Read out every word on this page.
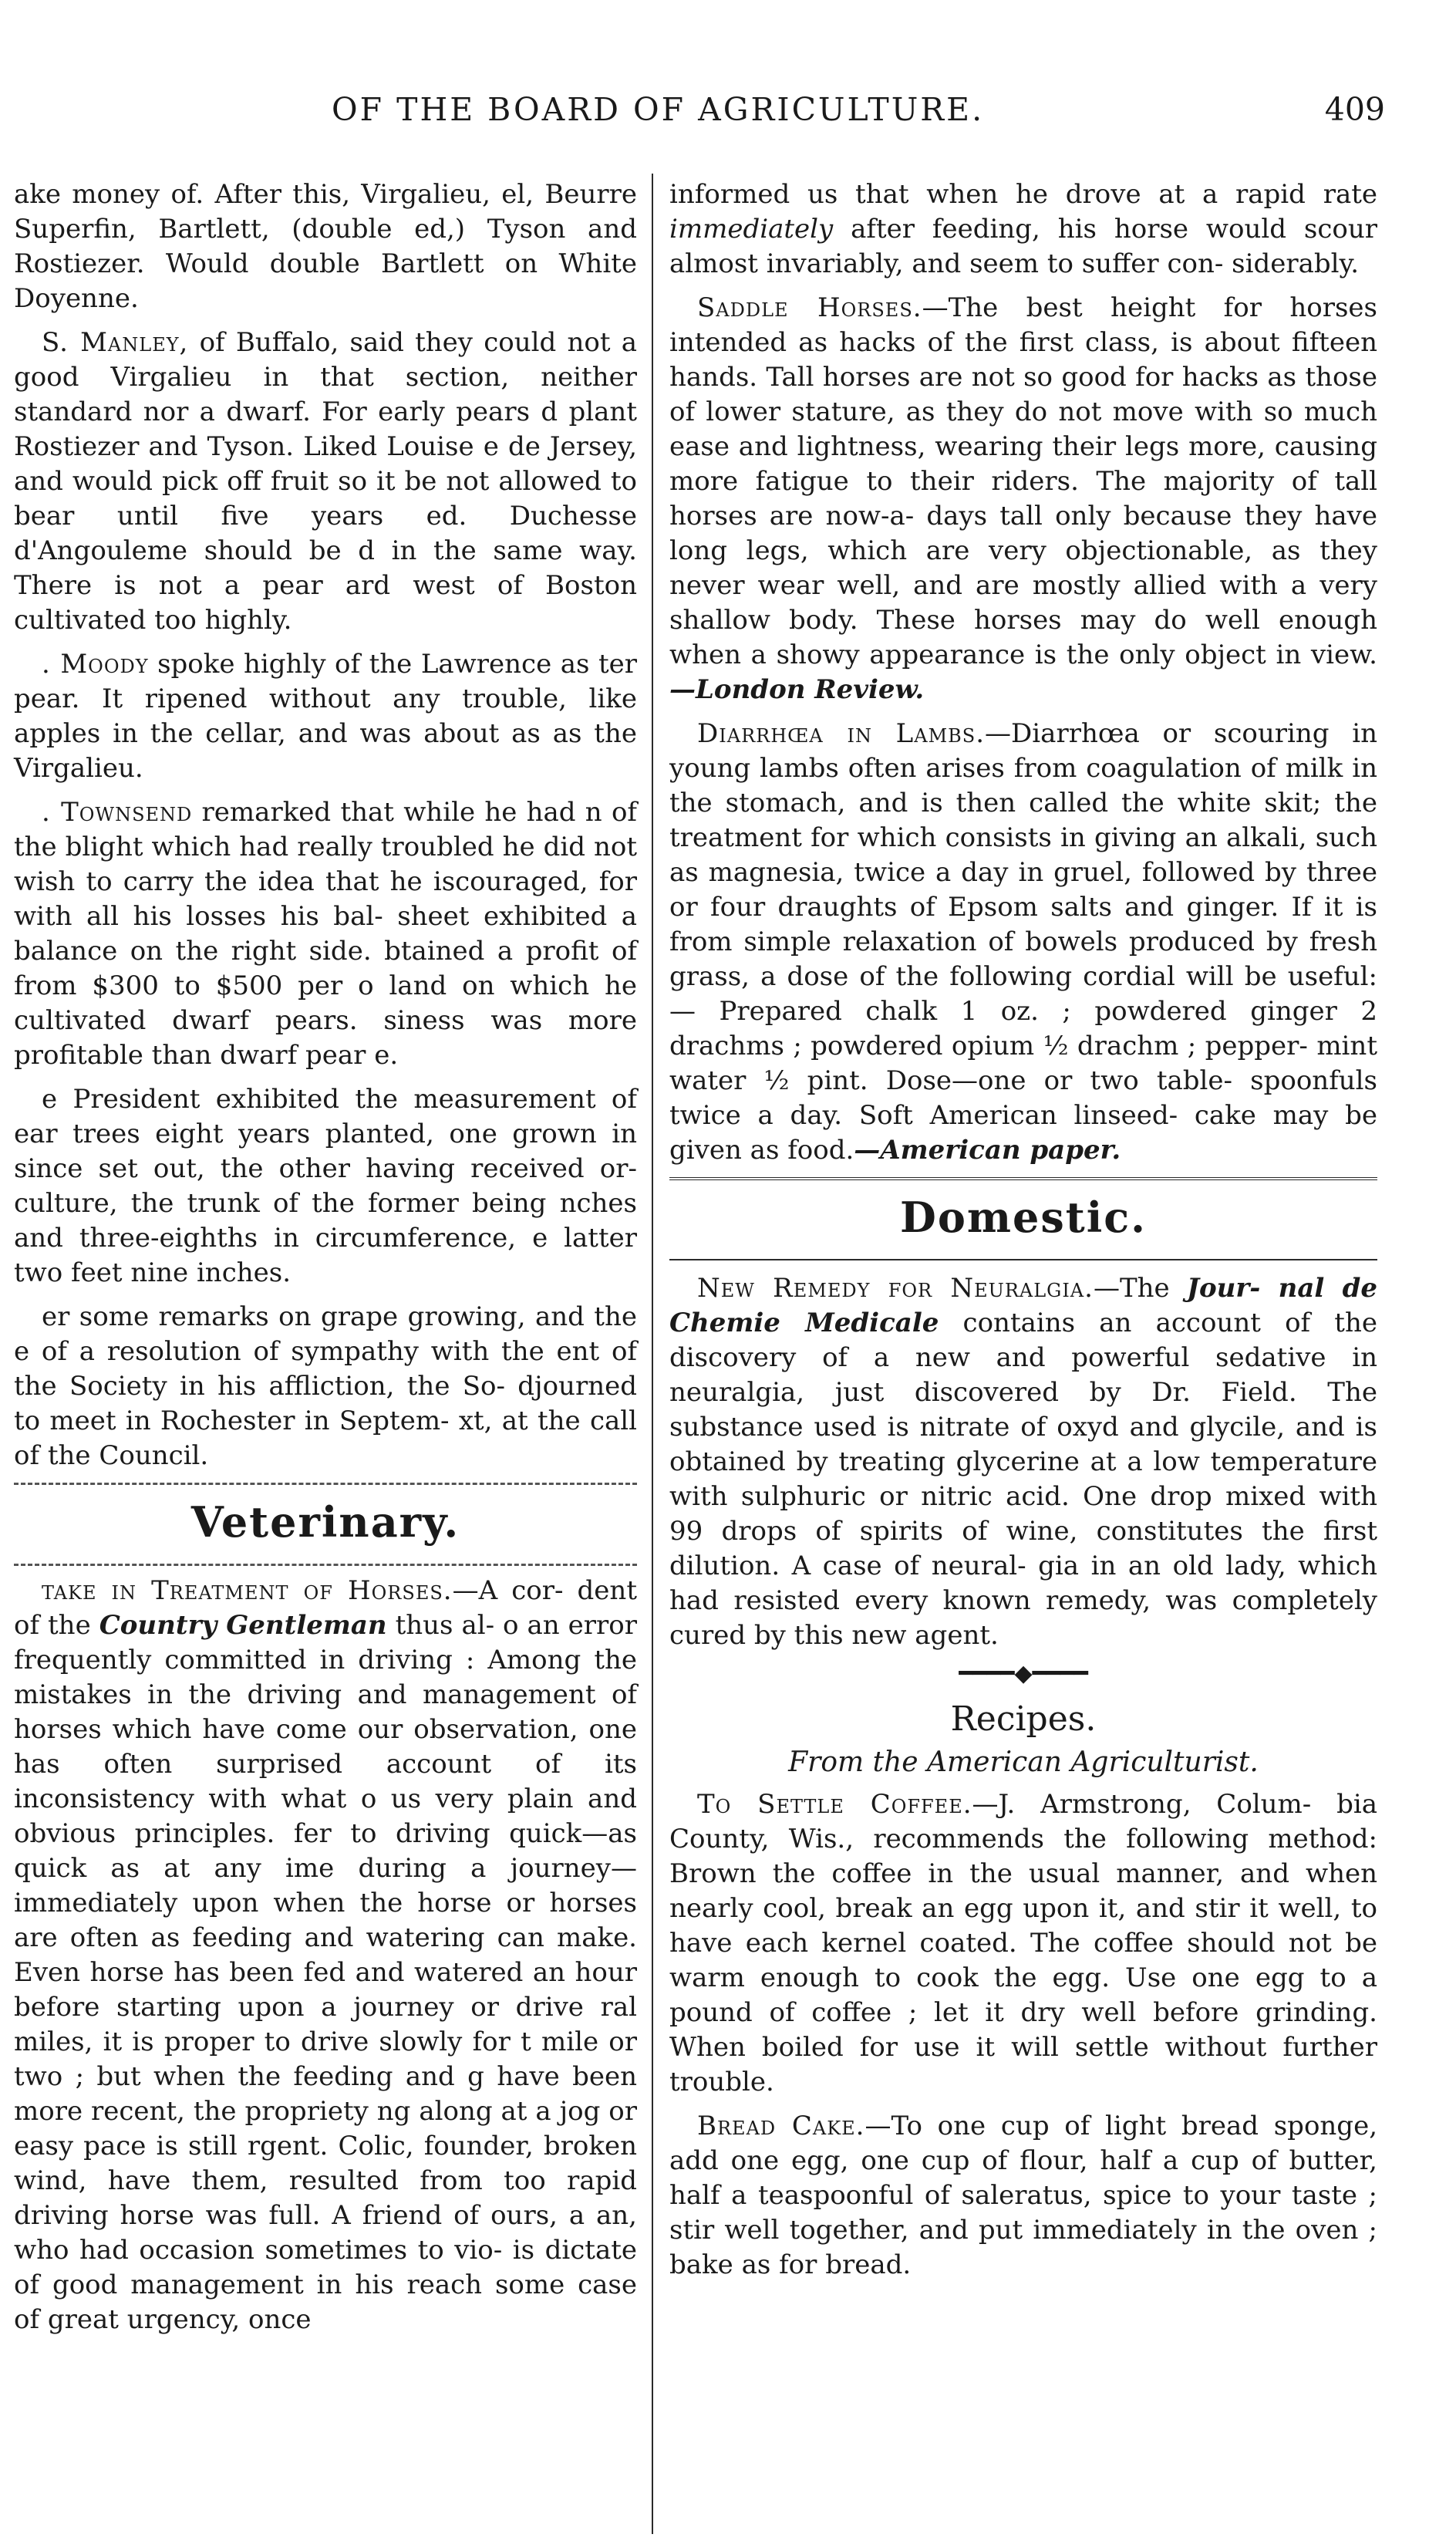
OF THE BOARD OF AGRICULTURE.	409

ake money of. After this, Virgalieu, el, Beurre Superfin, Bartlett, (double ed,) Tyson and Rostiezer. Would double Bartlett on White Doyenne.

S. Manley, of Buffalo, said they could not a good Virgalieu in that section, neither standard nor a dwarf. For early pears d plant Rostiezer and Tyson. Liked Louise e de Jersey, and would pick off fruit so it be not allowed to bear until five years ed. Duchesse d'Angouleme should be d in the same way. There is not a pear ard west of Boston cultivated too highly.

. Moody spoke highly of the Lawrence as ter pear. It ripened without any trouble, like apples in the cellar, and was about as as the Virgalieu.

. Townsend remarked that while he had n of the blight which had really troubled he did not wish to carry the idea that he iscouraged, for with all his losses his bal- sheet exhibited a balance on the right side. btained a profit of from $300 to $500 per o land on which he cultivated dwarf pears. siness was more profitable than dwarf pear e.

e President exhibited the measurement of ear trees eight years planted, one grown in since set out, the other having received or- culture, the trunk of the former being nches and three-eighths in circumference, e latter two feet nine inches.

er some remarks on grape growing, and the e of a resolution of sympathy with the ent of the Society in his affliction, the So- djourned to meet in Rochester in Septem- xt, at the call of the Council.

Veterinary.

take in Treatment of Horses.—A cor- dent of the Country Gentleman thus al- o an error frequently committed in driving : Among the mistakes in the driving and management of horses which have come our observation, one has often surprised account of its inconsistency with what o us very plain and obvious principles. fer to driving quick—as quick as at any ime during a journey—immediately upon when the horse or horses are often as feeding and watering can make. Even horse has been fed and watered an hour before starting upon a journey or drive ral miles, it is proper to drive slowly for t mile or two ; but when the feeding and g have been more recent, the propriety ng along at a jog or easy pace is still rgent. Colic, founder, broken wind, have them, resulted from too rapid driving horse was full. A friend of ours, a an, who had occasion sometimes to vio- is dictate of good management in his reach some case of great urgency, once

informed us that when he drove at a rapid rate immediately after feeding, his horse would scour almost invariably, and seem to suffer con- siderably.

Saddle Horses.—The best height for horses intended as hacks of the first class, is about fifteen hands. Tall horses are not so good for hacks as those of lower stature, as they do not move with so much ease and lightness, wearing their legs more, causing more fatigue to their riders. The majority of tall horses are now-a- days tall only because they have long legs, which are very objectionable, as they never wear well, and are mostly allied with a very shallow body. These horses may do well enough when a showy appearance is the only object in view. —London Review.

Diarrhœa in Lambs.—Diarrhœa or scouring in young lambs often arises from coagulation of milk in the stomach, and is then called the white skit; the treatment for which consists in giving an alkali, such as magnesia, twice a day in gruel, followed by three or four draughts of Epsom salts and ginger. If it is from simple relaxation of bowels produced by fresh grass, a dose of the following cordial will be useful:— Prepared chalk 1 oz. ; powdered ginger 2 drachms ; powdered opium ½ drachm ; pepper- mint water ½ pint. Dose—one or two table- spoonfuls twice a day. Soft American linseed- cake may be given as food.—American paper.

Domestic.

New Remedy for Neuralgia.—The Jour- nal de Chemie Medicale contains an account of the discovery of a new and powerful sedative in neuralgia, just discovered by Dr. Field. The substance used is nitrate of oxyd and glycile, and is obtained by treating glycerine at a low temperature with sulphuric or nitric acid. One drop mixed with 99 drops of spirits of wine, constitutes the first dilution. A case of neural- gia in an old lady, which had resisted every known remedy, was completely cured by this new agent.

━━━━◆━━━━
Recipes.
From the American Agriculturist.

To Settle Coffee.—J. Armstrong, Colum- bia County, Wis., recommends the following method: Brown the coffee in the usual manner, and when nearly cool, break an egg upon it, and stir it well, to have each kernel coated. The coffee should not be warm enough to cook the egg. Use one egg to a pound of coffee ; let it dry well before grinding. When boiled for use it will settle without further trouble.

Bread Cake.—To one cup of light bread sponge, add one egg, one cup of flour, half a cup of butter, half a teaspoonful of saleratus, spice to your taste ; stir well together, and put immediately in the oven ; bake as for bread.
